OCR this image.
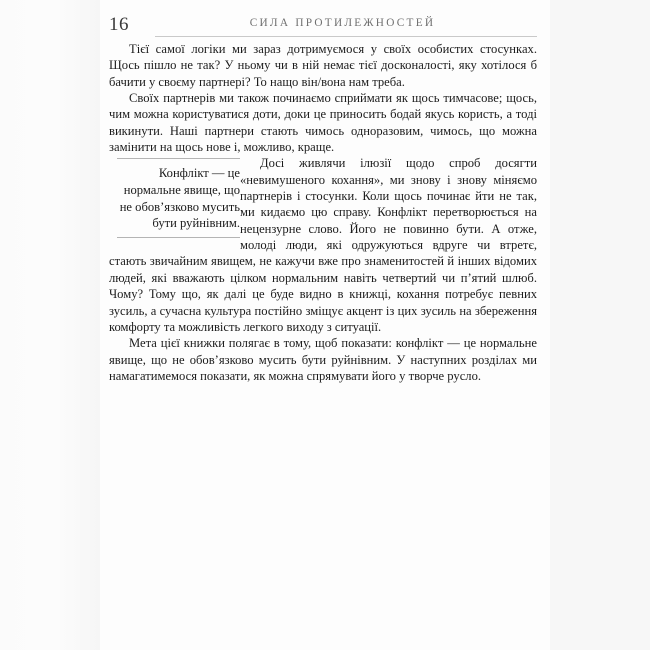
16	СИЛА ПРОТИЛЕЖНОСТЕЙ

Тієї самої логіки ми зараз дотримуємося у своїх особистих стосунках. Щось пішло не так? У ньому чи в ній немає тієї досконалості, яку хотілося б бачити у своєму партнері? То нащо він/вона нам треба.

Своїх партнерів ми також починаємо сприймати як щось тимчасове; щось, чим можна користуватися доти, доки це приносить бодай якусь користь, а тоді викинути. Наші партнери стають чимось одноразовим, чимось, що можна замінити на щось нове і, можливо, краще.

Конфлікт — це нормальне явище, що не обов’язково мусить бути руйнівним.

Досі живлячи ілюзії щодо спроб досягти «невимушеного кохання», ми знову і знову міняємо партнерів і стосунки. Коли щось починає йти не так, ми кидаємо цю справу. Конфлікт перетворюється на нецензурне слово. Його не повинно бути. А отже, молоді люди, які одружуються вдруге чи втретє, стають звичайним явищем, не кажучи вже про знаменитостей й інших відомих людей, які вважають цілком нормальним навіть четвертий чи п’ятий шлюб. Чому? Тому що, як далі це буде видно в книжці, кохання потребує певних зусиль, а сучасна культура постійно зміщує акцент із цих зусиль на збереження комфорту та можливість легкого виходу з ситуації.

Мета цієї книжки полягає в тому, щоб показати: конфлікт — це нормальне явище, що не обов’язково мусить бути руйнівним. У наступних розділах ми намагатимемося показати, як можна спрямувати його у творче русло.
